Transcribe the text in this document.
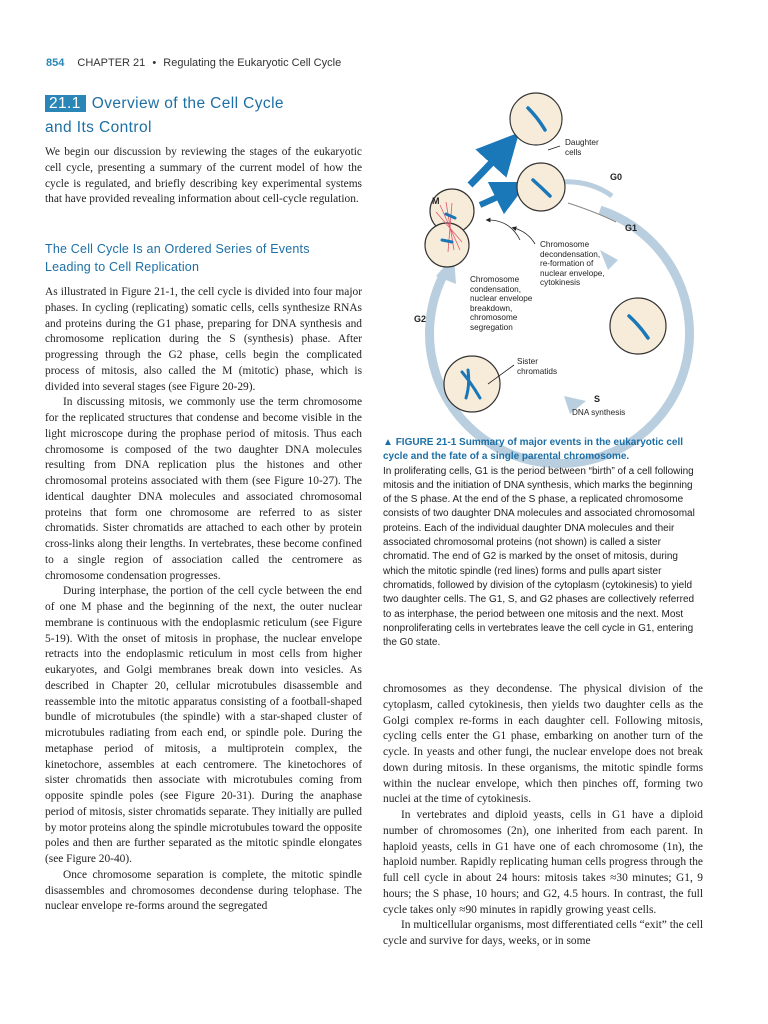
854 CHAPTER 21 • Regulating the Eukaryotic Cell Cycle
21.1 Overview of the Cell Cycle
and Its Control

We begin our discussion by reviewing the stages of the eukaryotic cell cycle, presenting a summary of the current model of how the cycle is regulated, and briefly describing key experimental systems that have provided revealing information about cell-cycle regulation.

The Cell Cycle Is an Ordered Series of Events

Leading to Cell Replication

As illustrated in Figure 21-1, the cell cycle is divided into four major phases. In cycling (replicating) somatic cells, cells synthesize RNAs and proteins during the G1 phase, preparing for DNA synthesis and chromosome replication during the S (synthesis) phase. After progressing through the G2 phase, cells begin the complicated process of mitosis, also called the M (mitotic) phase, which is divided into several stages (see Figure 20-29).

In discussing mitosis, we commonly use the term chromosome for the replicated structures that condense and become visible in the light microscope during the prophase period of mitosis. Thus each chromosome is composed of the two daughter DNA molecules resulting from DNA replication plus the histones and other chromosomal proteins associated with them (see Figure 10-27). The identical daughter DNA molecules and associated chromosomal proteins that form one chromosome are referred to as sister chromatids. Sister chromatids are attached to each other by protein cross-links along their lengths. In vertebrates, these become confined to a single region of association called the centromere as chromosome condensation progresses.

During interphase, the portion of the cell cycle between the end of one M phase and the beginning of the next, the outer nuclear membrane is continuous with the endoplasmic reticulum (see Figure 5-19). With the onset of mitosis in prophase, the nuclear envelope retracts into the endoplasmic reticulum in most cells from higher eukaryotes, and Golgi membranes break down into vesicles. As described in Chapter 20, cellular microtubules disassemble and reassemble into the mitotic apparatus consisting of a football-shaped bundle of microtubules (the spindle) with a star-shaped cluster of microtubules radiating from each end, or spindle pole. During the metaphase period of mitosis, a multiprotein complex, the kinetochore, assembles at each centromere. The kinetochores of sister chromatids then associate with microtubules coming from opposite spindle poles (see Figure 20-31). During the anaphase period of mitosis, sister chromatids separate. They initially are pulled by motor proteins along the spindle microtubules toward the opposite poles and then are further separated as the mitotic spindle elongates (see Figure 20-40).

Once chromosome separation is complete, the mitotic spindle disassembles and chromosomes decondense during telophase. The nuclear envelope re-forms around the segregated

chromosomes as they decondense. The physical division of the cytoplasm, called cytokinesis, then yields two daughter cells as the Golgi complex re-forms in each daughter cell. Following mitosis, cycling cells enter the G1 phase, embarking on another turn of the cycle. In yeasts and other fungi, the nuclear envelope does not break down during mitosis. In these organisms, the mitotic spindle forms within the nuclear envelope, which then pinches off, forming two nuclei at the time of cytokinesis.

In vertebrates and diploid yeasts, cells in G1 have a diploid number of chromosomes (2n), one inherited from each parent. In haploid yeasts, cells in G1 have one of each chromosome (1n), the haploid number. Rapidly replicating human cells progress through the full cell cycle in about 24 hours: mitosis takes ≈30 minutes; G1, 9 hours; the S phase, 10 hours; and G2, 4.5 hours. In contrast, the full cycle takes only ≈90 minutes in rapidly growing yeast cells.

In multicellular organisms, most differentiated cells “exit” the cell cycle and survive for days, weeks, or in some

Daughter
cells
G0
G1
M
G2
S
DNA synthesis
Chromosome
decondensation,
re-formation of
nuclear envelope,
cytokinesis
Chromosome
condensation,
nuclear envelope
breakdown,
chromosome
segregation
Sister
chromatids
▲ FIGURE 21-1 Summary of major events in the eukaryotic cell cycle and the fate of a single parental chromosome.
In proliferating cells, G1 is the period between “birth” of a cell following mitosis and the initiation of DNA synthesis, which marks the beginning of the S phase. At the end of the S phase, a replicated chromosome consists of two daughter DNA molecules and associated chromosomal proteins. Each of the individual daughter DNA molecules and their associated chromosomal proteins (not shown) is called a sister chromatid. The end of G2 is marked by the onset of mitosis, during which the mitotic spindle (red lines) forms and pulls apart sister chromatids, followed by division of the cytoplasm (cytokinesis) to yield two daughter cells. The G1, S, and G2 phases are collectively referred to as interphase, the period between one mitosis and the next. Most nonproliferating cells in vertebrates leave the cell cycle in G1, entering the G0 state.
